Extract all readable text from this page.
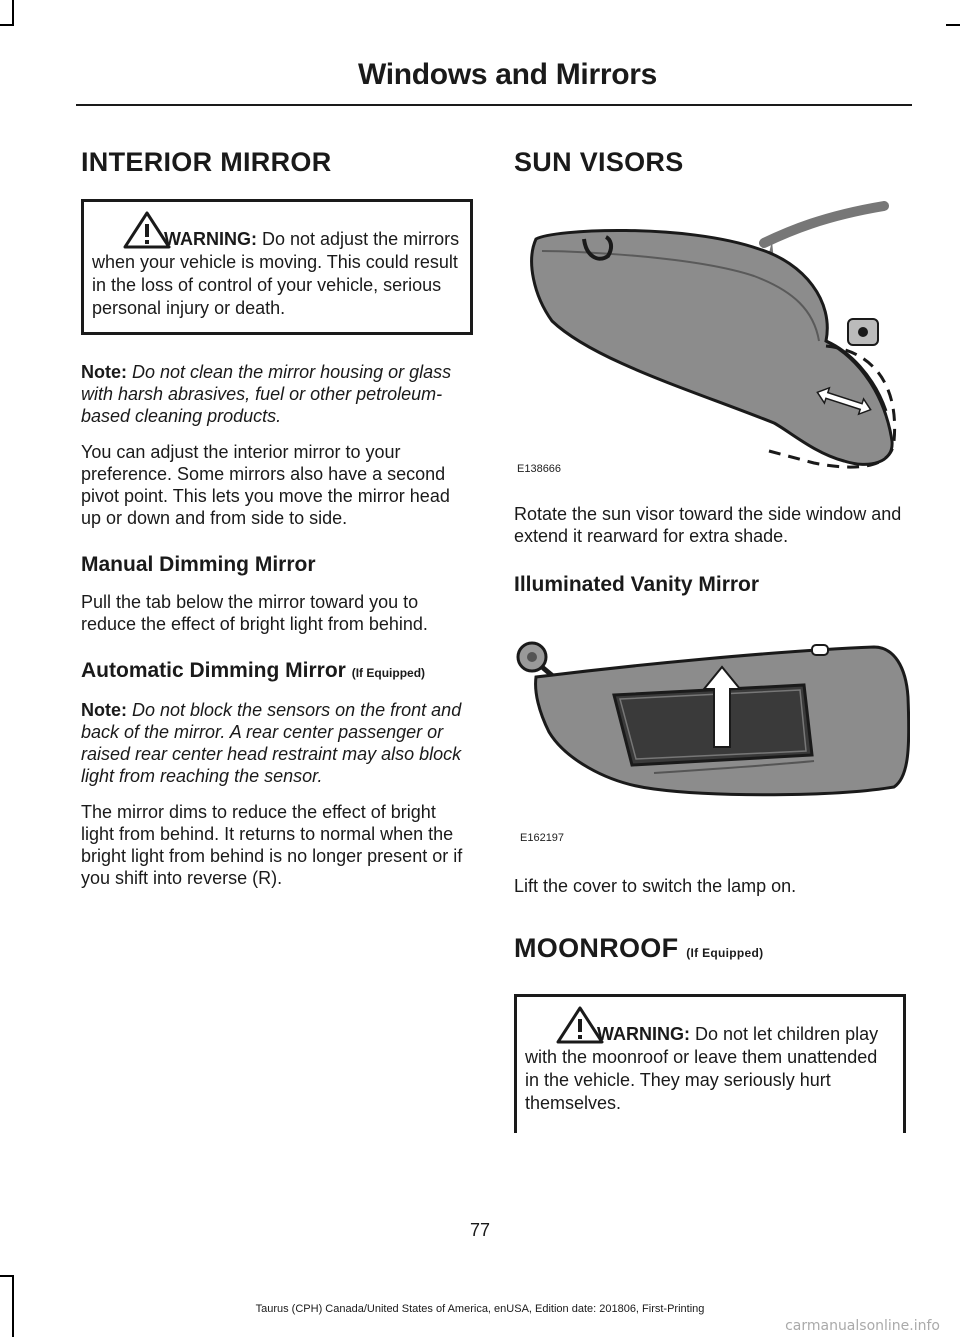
Windows and Mirrors
INTERIOR MIRROR
WARNING: Do not adjust the mirrors when your vehicle is moving. This could result in the loss of control of your vehicle, serious personal injury or death.

Note: Do not clean the mirror housing or glass with harsh abrasives, fuel or other petroleum-based cleaning products.

You can adjust the interior mirror to your preference. Some mirrors also have a second pivot point. This lets you move the mirror head up or down and from side to side.

Manual Dimming Mirror

Pull the tab below the mirror toward you to reduce the effect of bright light from behind.

Automatic Dimming Mirror (If Equipped)

Note: Do not block the sensors on the front and back of the mirror. A rear center passenger or raised rear center head restraint may also block light from reaching the sensor.

The mirror dims to reduce the effect of bright light from behind. It returns to normal when the bright light from behind is no longer present or if you shift into reverse (R).

SUN VISORS
E138666

Rotate the sun visor toward the side window and extend it rearward for extra shade.

Illuminated Vanity Mirror
E162197

Lift the cover to switch the lamp on.

MOONROOF (If Equipped)
WARNING: Do not let children play with the moonroof or leave them unattended in the vehicle. They may seriously hurt themselves.
77
Taurus (CPH) Canada/United States of America, enUSA, Edition date: 201806, First-Printing
carmanualsonline.info
